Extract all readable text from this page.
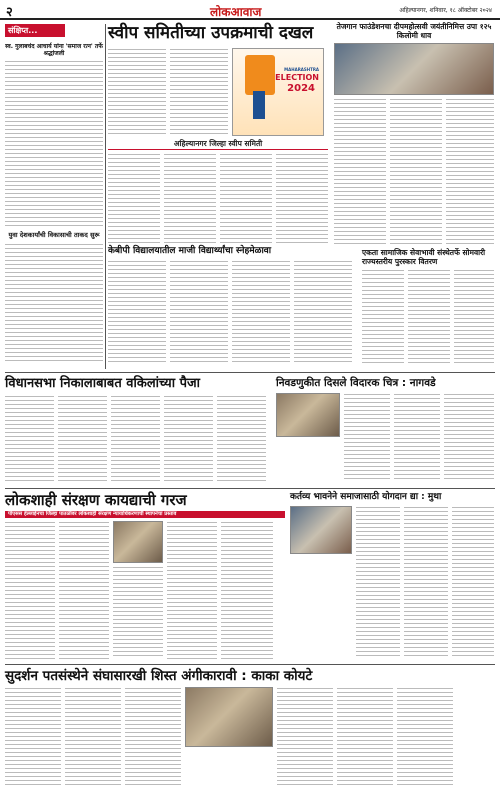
२	लोकआवाज	अहिल्यानगर, शनिवार, १८ ऑक्टोबर २०२४
संक्षिप्त...
स्व. गुलाबचंद आचार्य यांना 'समाज रत्न' तर्फे श्रद्धांजली
युवा देशकार्यांची विकासाची ताकद सुरू
स्वीप समितीच्या उपक्रमाची दखल
MAHARASHTRA
ELECTION
2024
अहिल्यानगर जिल्हा स्वीप समिती
तेजगान फाउंडेशनचा दीपमहोत्सवी जयंतीनिमित्त उपा १२५ किलोमी धाव
केबीपी विद्यालयातील माजी विद्यार्थ्यांचा स्नेहमेळावा	एकता सामाजिक सेवाभावी संस्थेतर्फे सोमवारी राज्यस्तरीय पुरस्कार वितरण
विधानसभा निकालाबाबत वकिलांच्या पैजा	निवडणुकीत दिसले विदारक चित्र : नागवडे
लोकशाही संरक्षण कायद्याची गरज
पीएसस हेल्लाईनचा जिल्हा पातळीवर लोकशाही संरक्षण न्यायाधिकरणाची स्थापनेचा प्रस्ताव
कर्तव्य भावनेने समाजासाठी योगदान द्या : मुथा
सुदर्शन पतसंस्थेने संघासारखी शिस्त अंगीकारावी : काका कोयटे
